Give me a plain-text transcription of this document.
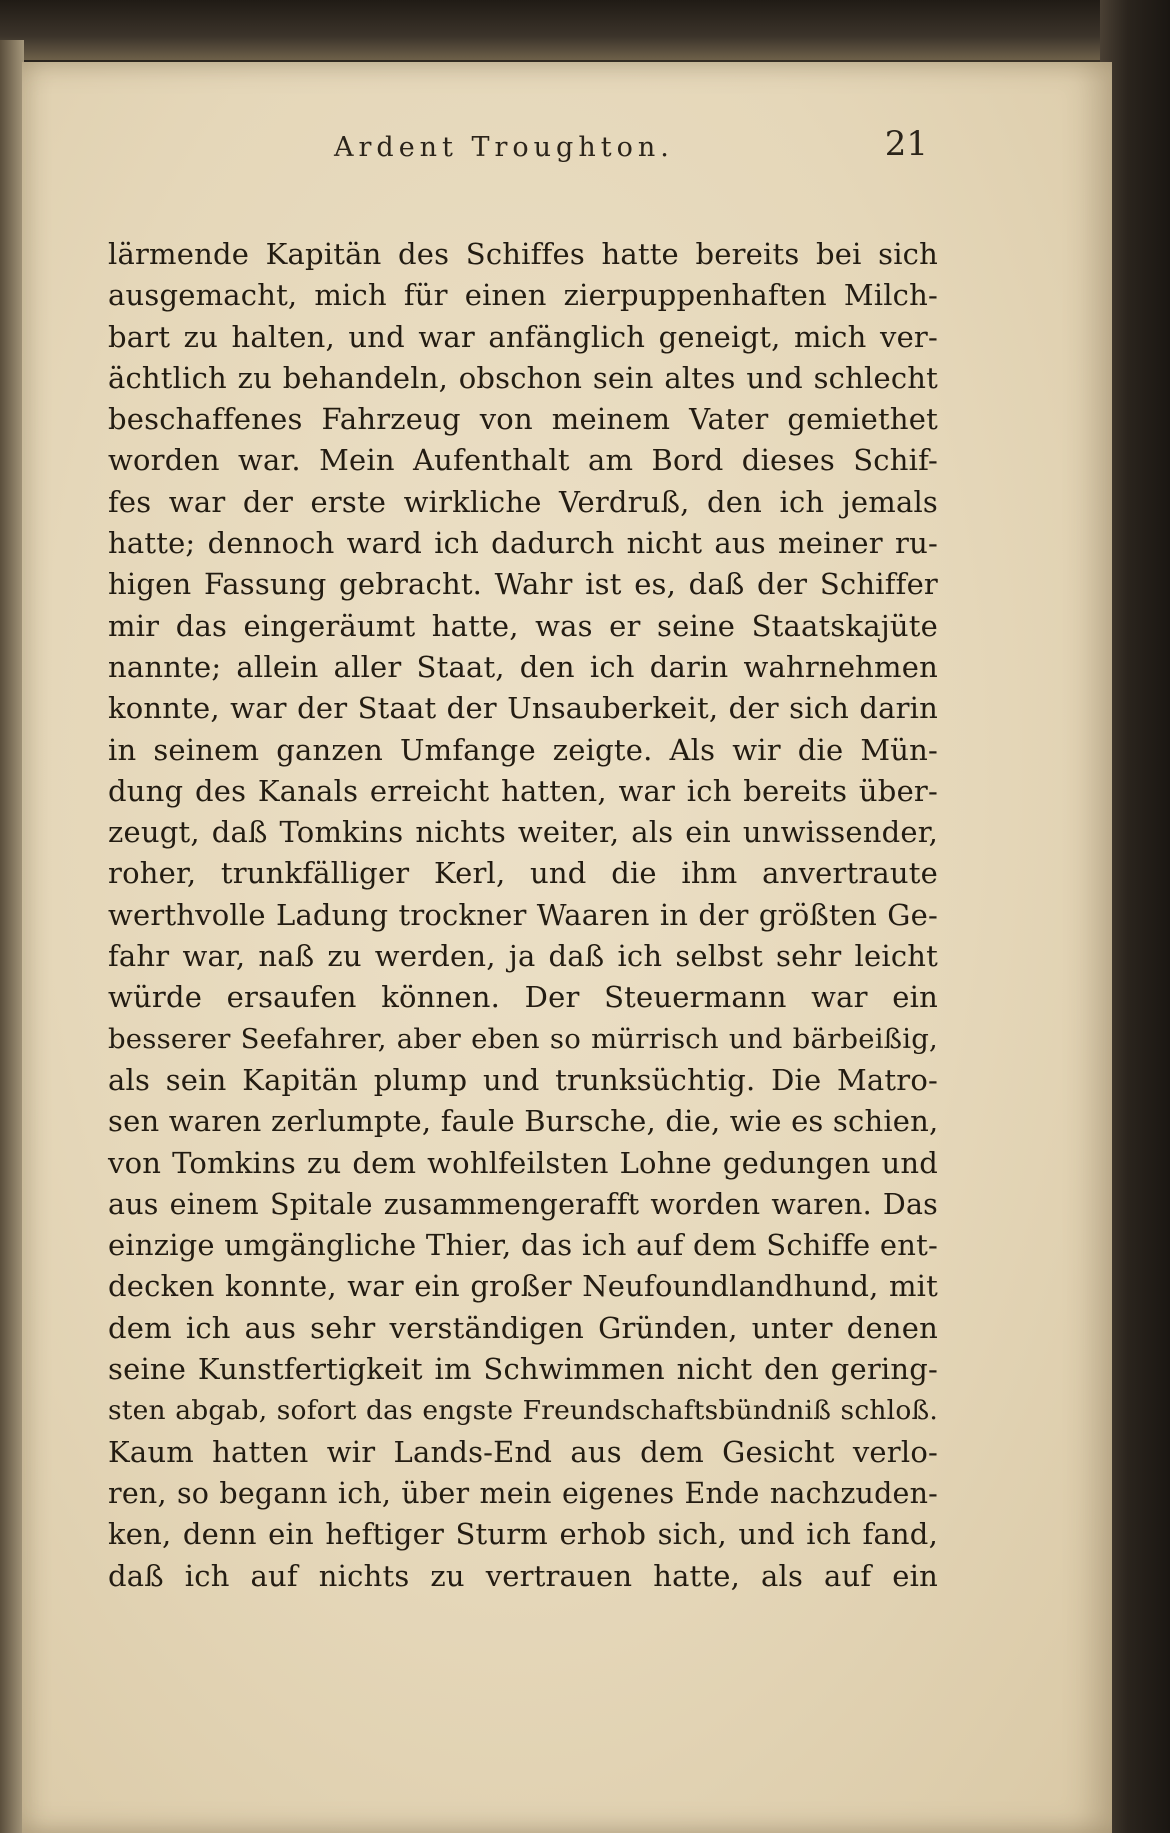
Ardent Troughton.	21
lärmende Kapitän des Schiffes hatte bereits bei sich
ausgemacht, mich für einen zierpuppenhaften Milch-
bart zu halten, und war anfänglich geneigt, mich ver-
ächtlich zu behandeln, obschon sein altes und schlecht
beschaffenes Fahrzeug von meinem Vater gemiethet
worden war. Mein Aufenthalt am Bord dieses Schif-
fes war der erste wirkliche Verdruß, den ich jemals
hatte; dennoch ward ich dadurch nicht aus meiner ru-
higen Fassung gebracht. Wahr ist es, daß der Schiffer
mir das eingeräumt hatte, was er seine Staatskajüte
nannte; allein aller Staat, den ich darin wahrnehmen
konnte, war der Staat der Unsauberkeit, der sich darin
in seinem ganzen Umfange zeigte. Als wir die Mün-
dung des Kanals erreicht hatten, war ich bereits über-
zeugt, daß Tomkins nichts weiter, als ein unwissender,
roher, trunkfälliger Kerl, und die ihm anvertraute
werthvolle Ladung trockner Waaren in der größten Ge-
fahr war, naß zu werden, ja daß ich selbst sehr leicht
würde ersaufen können. Der Steuermann war ein
besserer Seefahrer, aber eben so mürrisch und bärbeißig,
als sein Kapitän plump und trunksüchtig. Die Matro-
sen waren zerlumpte, faule Bursche, die, wie es schien,
von Tomkins zu dem wohlfeilsten Lohne gedungen und
aus einem Spitale zusammengerafft worden waren. Das
einzige umgängliche Thier, das ich auf dem Schiffe ent-
decken konnte, war ein großer Neufoundlandhund, mit
dem ich aus sehr verständigen Gründen, unter denen
seine Kunstfertigkeit im Schwimmen nicht den gering-
sten abgab, sofort das engste Freundschaftsbündniß schloß.
Kaum hatten wir Lands-End aus dem Gesicht verlo-
ren, so begann ich, über mein eigenes Ende nachzuden-
ken, denn ein heftiger Sturm erhob sich, und ich fand,
daß ich auf nichts zu vertrauen hatte, als auf ein
